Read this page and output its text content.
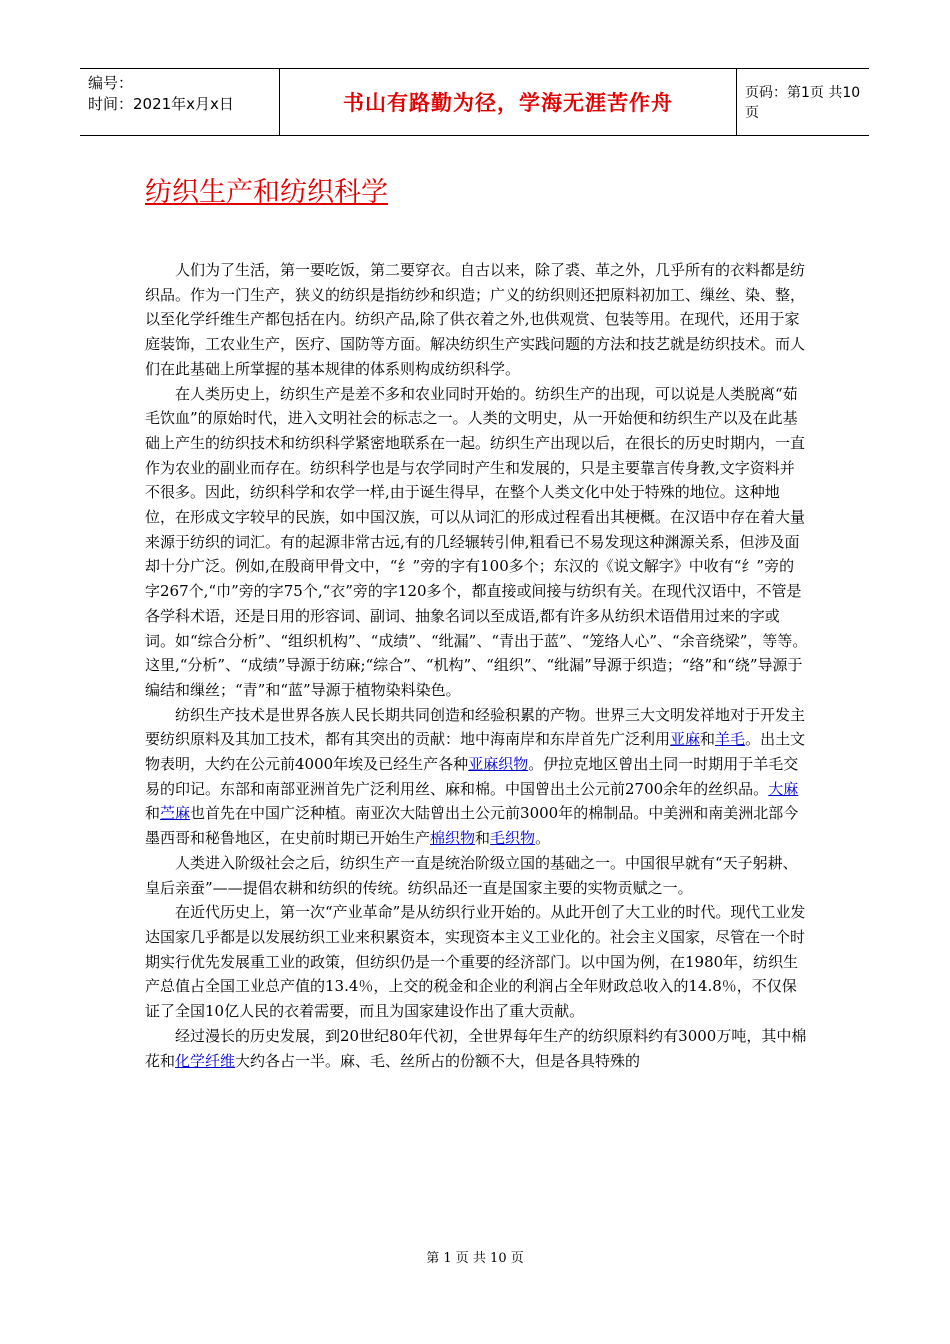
编号：
时间：2021年x月x日	书山有路勤为径，学海无涯苦作舟	页码：第1页 共10页
纺织生产和纺织科学

人们为了生活，第一要吃饭，第二要穿衣。自古以来，除了裘、革之外，几乎所有的衣料都是纺织品。作为一门生产，狭义的纺织是指纺纱和织造；广义的纺织则还把原料初加工、缫丝、染、整，以至化学纤维生产都包括在内。纺织产品,除了供衣着之外,也供观赏、包装等用。在现代，还用于家庭装饰，工农业生产，医疗、国防等方面。解决纺织生产实践问题的方法和技艺就是纺织技术。而人们在此基础上所掌握的基本规律的体系则构成纺织科学。

在人类历史上，纺织生产是差不多和农业同时开始的。纺织生产的出现，可以说是人类脱离“茹毛饮血”的原始时代，进入文明社会的标志之一。人类的文明史，从一开始便和纺织生产以及在此基础上产生的纺织技术和纺织科学紧密地联系在一起。纺织生产出现以后，在很长的历史时期内，一直作为农业的副业而存在。纺织科学也是与农学同时产生和发展的，只是主要靠言传身教,文字资料并不很多。因此，纺织科学和农学一样,由于诞生得早，在整个人类文化中处于特殊的地位。这种地位，在形成文字较早的民族，如中国汉族，可以从词汇的形成过程看出其梗概。在汉语中存在着大量来源于纺织的词汇。有的起源非常古远,有的几经辗转引伸,粗看已不易发现这种渊源关系，但涉及面却十分广泛。例如,在殷商甲骨文中，“纟”旁的字有100多个；东汉的《说文解字》中收有“纟”旁的字267个,“巾”旁的字75个,“衣”旁的字120多个，都直接或间接与纺织有关。在现代汉语中，不管是各学科术语，还是日用的形容词、副词、抽象名词以至成语,都有许多从纺织术语借用过来的字或词。如“综合分析”、“组织机构”、“成绩”、“纰漏”、“青出于蓝”、“笼络人心”、“余音绕梁”，等等。这里,“分析”、“成绩”导源于纺麻;“综合”、“机构”、“组织”、“纰漏”导源于织造；“络”和“绕”导源于编结和缫丝；“青”和“蓝”导源于植物染料染色。

纺织生产技术是世界各族人民长期共同创造和经验积累的产物。世界三大文明发祥地对于开发主要纺织原料及其加工技术，都有其突出的贡献：地中海南岸和东岸首先广泛利用亚麻和羊毛。出土文物表明，大约在公元前4000年埃及已经生产各种亚麻织物。伊拉克地区曾出土同一时期用于羊毛交易的印记。东部和南部亚洲首先广泛利用丝、麻和棉。中国曾出土公元前2700余年的丝织品。大麻和苎麻也首先在中国广泛种植。南亚次大陆曾出土公元前3000年的棉制品。中美洲和南美洲北部今墨西哥和秘鲁地区，在史前时期已开始生产棉织物和毛织物。

人类进入阶级社会之后，纺织生产一直是统治阶级立国的基础之一。中国很早就有“天子躬耕、皇后亲蚕”——提倡农耕和纺织的传统。纺织品还一直是国家主要的实物贡赋之一。

在近代历史上，第一次“产业革命”是从纺织行业开始的。从此开创了大工业的时代。现代工业发达国家几乎都是以发展纺织工业来积累资本，实现资本主义工业化的。社会主义国家，尽管在一个时期实行优先发展重工业的政策，但纺织仍是一个重要的经济部门。以中国为例，在1980年，纺织生产总值占全国工业总产值的13.4％，上交的税金和企业的利润占全年财政总收入的14.8％，不仅保证了全国10亿人民的衣着需要，而且为国家建设作出了重大贡献。

经过漫长的历史发展，到20世纪80年代初，全世界每年生产的纺织原料约有3000万吨，其中棉花和化学纤维大约各占一半。麻、毛、丝所占的份额不大，但是各具特殊的

第 1 页 共 10 页
